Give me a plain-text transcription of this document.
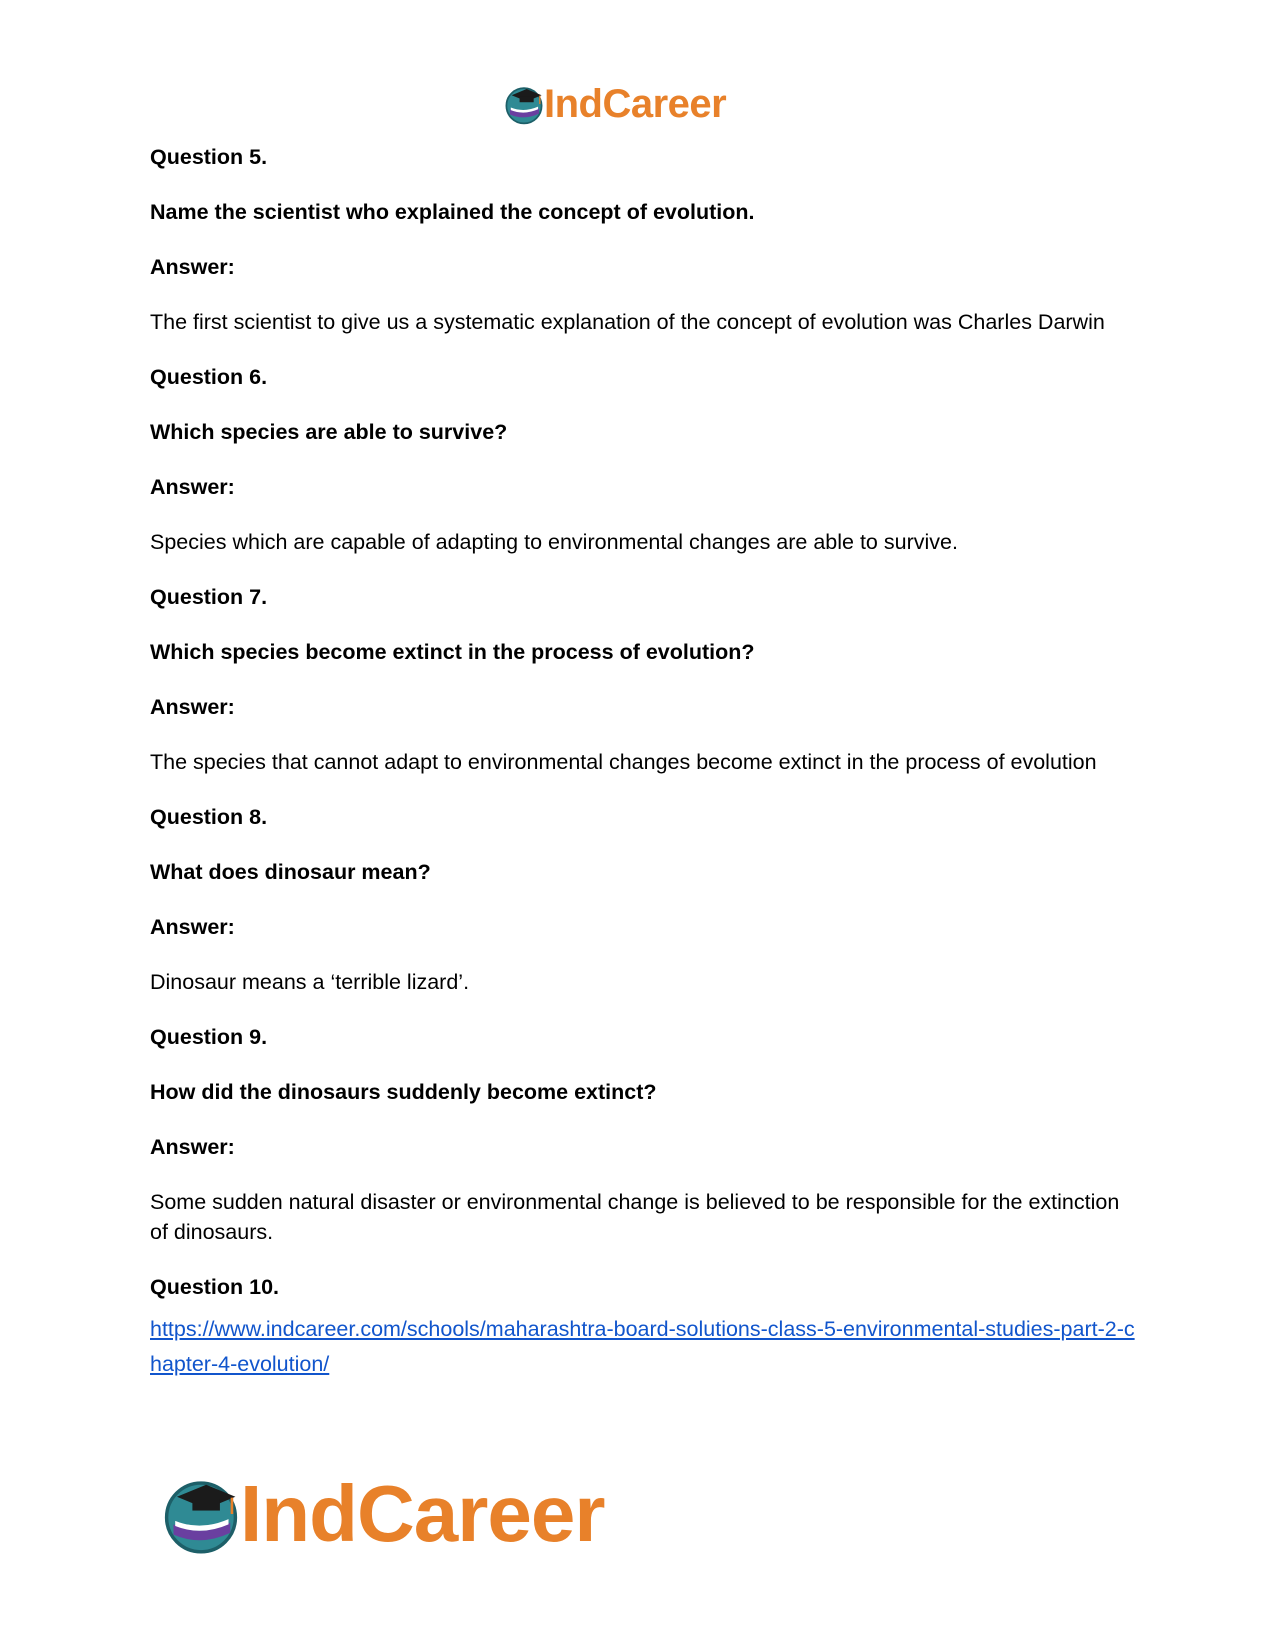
IndCareer

Question 5.

Name the scientist who explained the concept of evolution.

Answer:

The first scientist to give us a systematic explanation of the concept of evolution was Charles Darwin

Question 6.

Which species are able to survive?

Answer:

Species which are capable of adapting to environmental changes are able to survive.

Question 7.

Which species become extinct in the process of evolution?

Answer:

The species that cannot adapt to environmental changes become extinct in the process of evolution

Question 8.

What does dinosaur mean?

Answer:

Dinosaur means a ‘terrible lizard’.

Question 9.

How did the dinosaurs suddenly become extinct?

Answer:

Some sudden natural disaster or environmental change is believed to be responsible for the extinction of dinosaurs.

Question 10.

https://www.indcareer.com/schools/maharashtra-board-solutions-class-5-environmental-studies-part-2-chapter-4-evolution/
IndCareer
